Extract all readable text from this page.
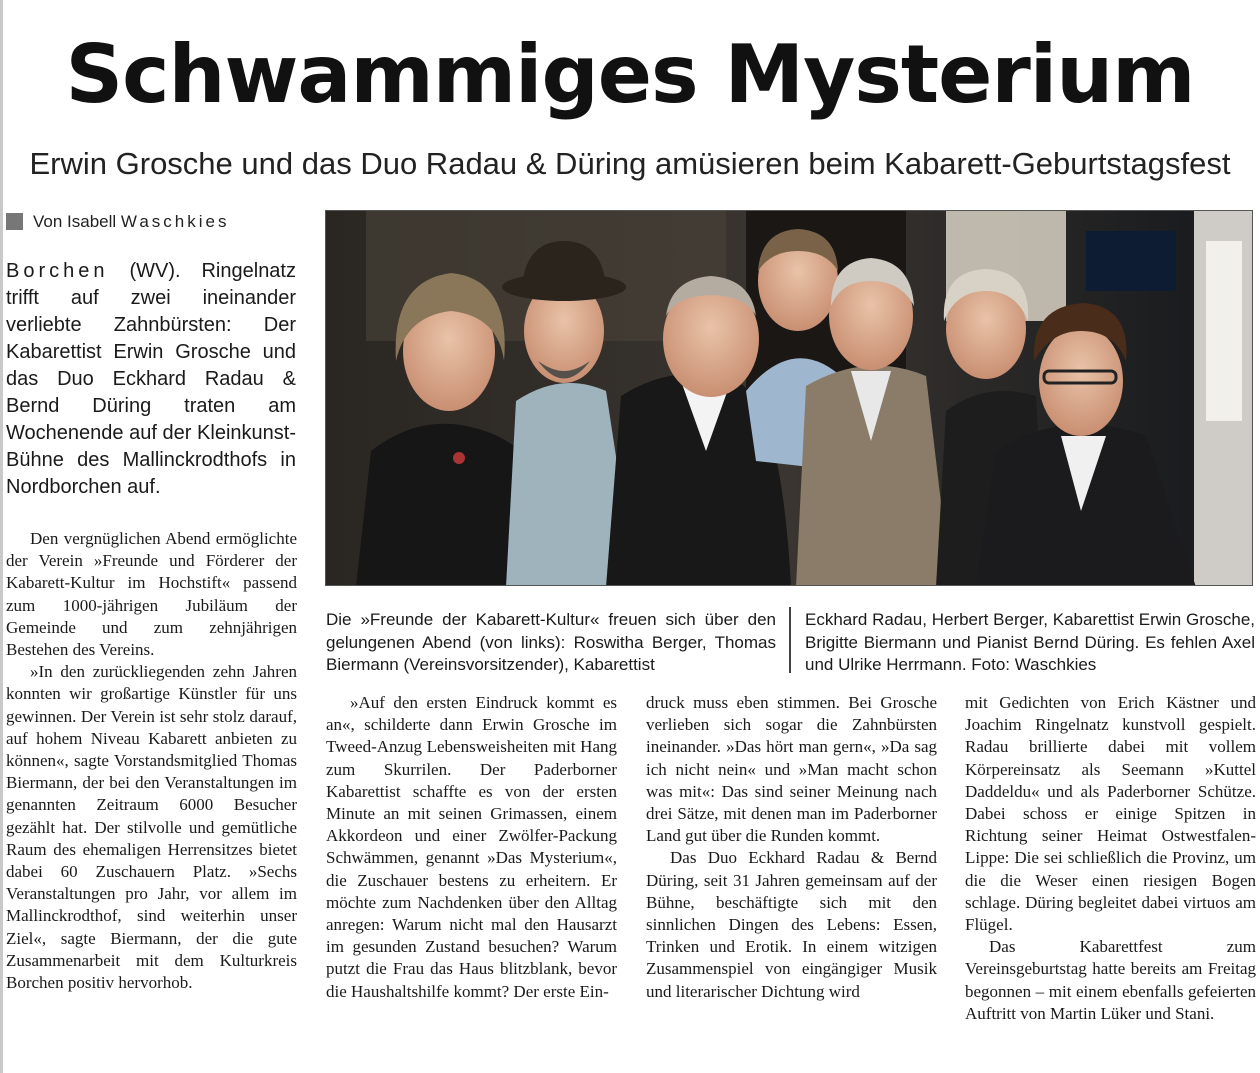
Schwammiges Mysterium
Erwin Grosche und das Duo Radau & Düring amüsieren beim Kabarett-Geburtstagsfest
Von Isabell Waschkies

Borchen (WV). Ringelnatz trifft auf zwei ineinander verliebte Zahnbürsten: Der Kabarettist Erwin Grosche und das Duo Eckhard Radau & Bernd Düring traten am Wochenende auf der Kleinkunst-Bühne des Mallinckrodthofs in Nordborchen auf.

Den vergnüglichen Abend ermöglichte der Verein »Freunde und Förderer der Kabarett-Kultur im Hochstift« passend zum 1000-jährigen Jubiläum der Gemeinde und zum zehnjährigen Bestehen des Vereins.

»In den zurückliegenden zehn Jahren konnten wir großartige Künstler für uns gewinnen. Der Verein ist sehr stolz darauf, auf hohem Niveau Kabarett anbieten zu können«, sagte Vorstandsmitglied Thomas Biermann, der bei den Veranstaltungen im genannten Zeitraum 6000 Besucher gezählt hat. Der stilvolle und gemütliche Raum des ehemaligen Herrensitzes bietet dabei 60 Zuschauern Platz. »Sechs Veranstaltungen pro Jahr, vor allem im Mallinckrodthof, sind weiterhin unser Ziel«, sagte Biermann, der die gute Zusammenarbeit mit dem Kulturkreis Borchen positiv hervorhob.

Die »Freunde der Kabarett-Kultur« freuen sich über den gelungenen Abend (von links): Roswitha Berger, Thomas Biermann (Vereinsvorsitzender), Kabarettist

Eckhard Radau, Herbert Berger, Kabarettist Erwin Grosche, Brigitte Biermann und Pianist Bernd Düring. Es fehlen Axel und Ulrike Herrmann. Foto: Waschkies

»Auf den ersten Eindruck kommt es an«, schilderte dann Erwin Grosche im Tweed-Anzug Lebensweisheiten mit Hang zum Skurrilen. Der Paderborner Kabarettist schaffte es von der ersten Minute an mit seinen Grimassen, einem Akkordeon und einer Zwölfer-Packung Schwämmen, genannt »Das Mysterium«, die Zuschauer bestens zu erheitern. Er möchte zum Nachdenken über den Alltag anregen: Warum nicht mal den Hausarzt im gesunden Zustand besuchen? Warum putzt die Frau das Haus blitzblank, bevor die Haushaltshilfe kommt? Der erste Ein-

druck muss eben stimmen. Bei Grosche verlieben sich sogar die Zahnbürsten ineinander. »Das hört man gern«, »Da sag ich nicht nein« und »Man macht schon was mit«: Das sind seiner Meinung nach drei Sätze, mit denen man im Paderborner Land gut über die Runden kommt.

Das Duo Eckhard Radau & Bernd Düring, seit 31 Jahren gemeinsam auf der Bühne, beschäftigte sich mit den sinnlichen Dingen des Lebens: Essen, Trinken und Erotik. In einem witzigen Zusammenspiel von eingängiger Musik und literarischer Dichtung wird

mit Gedichten von Erich Kästner und Joachim Ringelnatz kunstvoll gespielt. Radau brillierte dabei mit vollem Körpereinsatz als Seemann »Kuttel Daddeldu« und als Paderborner Schütze. Dabei schoss er einige Spitzen in Richtung seiner Heimat Ostwestfalen-Lippe: Die sei schließlich die Provinz, um die die Weser einen riesigen Bogen schlage. Düring begleitet dabei virtuos am Flügel.

Das Kabarettfest zum Vereinsgeburtstag hatte bereits am Freitag begonnen – mit einem ebenfalls gefeierten Auftritt von Martin Lüker und Stani.
